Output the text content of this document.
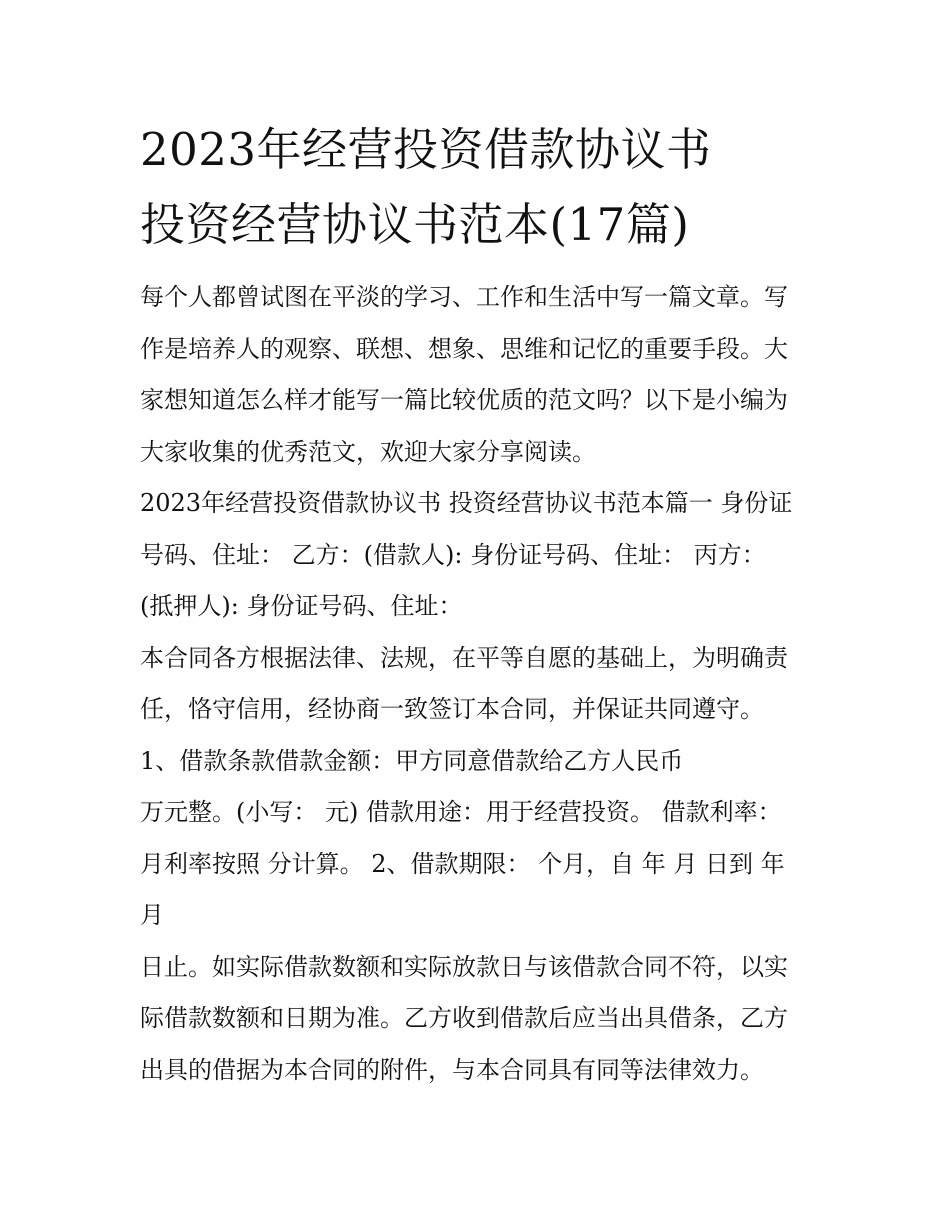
2023年经营投资借款协议书
投资经营协议书范本(17篇)

每个人都曾试图在平淡的学习、工作和生活中写一篇文章。写
作是培养人的观察、联想、想象、思维和记忆的重要手段。大
家想知道怎么样才能写一篇比较优质的范文吗？以下是小编为
大家收集的优秀范文，欢迎大家分享阅读。

2023年经营投资借款协议书 投资经营协议书范本篇一 身份证
号码、住址： 乙方：(借款人): 身份证号码、住址： 丙方：
(抵押人): 身份证号码、住址：

本合同各方根据法律、法规，在平等自愿的基础上，为明确责
任，恪守信用，经协商一致签订本合同，并保证共同遵守。

1、借款条款借款金额：甲方同意借款给乙方人民币

万元整。(小写： 元) 借款用途：用于经营投资。 借款利率：
月利率按照 分计算。 2、借款期限： 个月，自 年 月 日到 年
月

日止。如实际借款数额和实际放款日与该借款合同不符，以实
际借款数额和日期为准。乙方收到借款后应当出具借条，乙方
出具的借据为本合同的附件，与本合同具有同等法律效力。
